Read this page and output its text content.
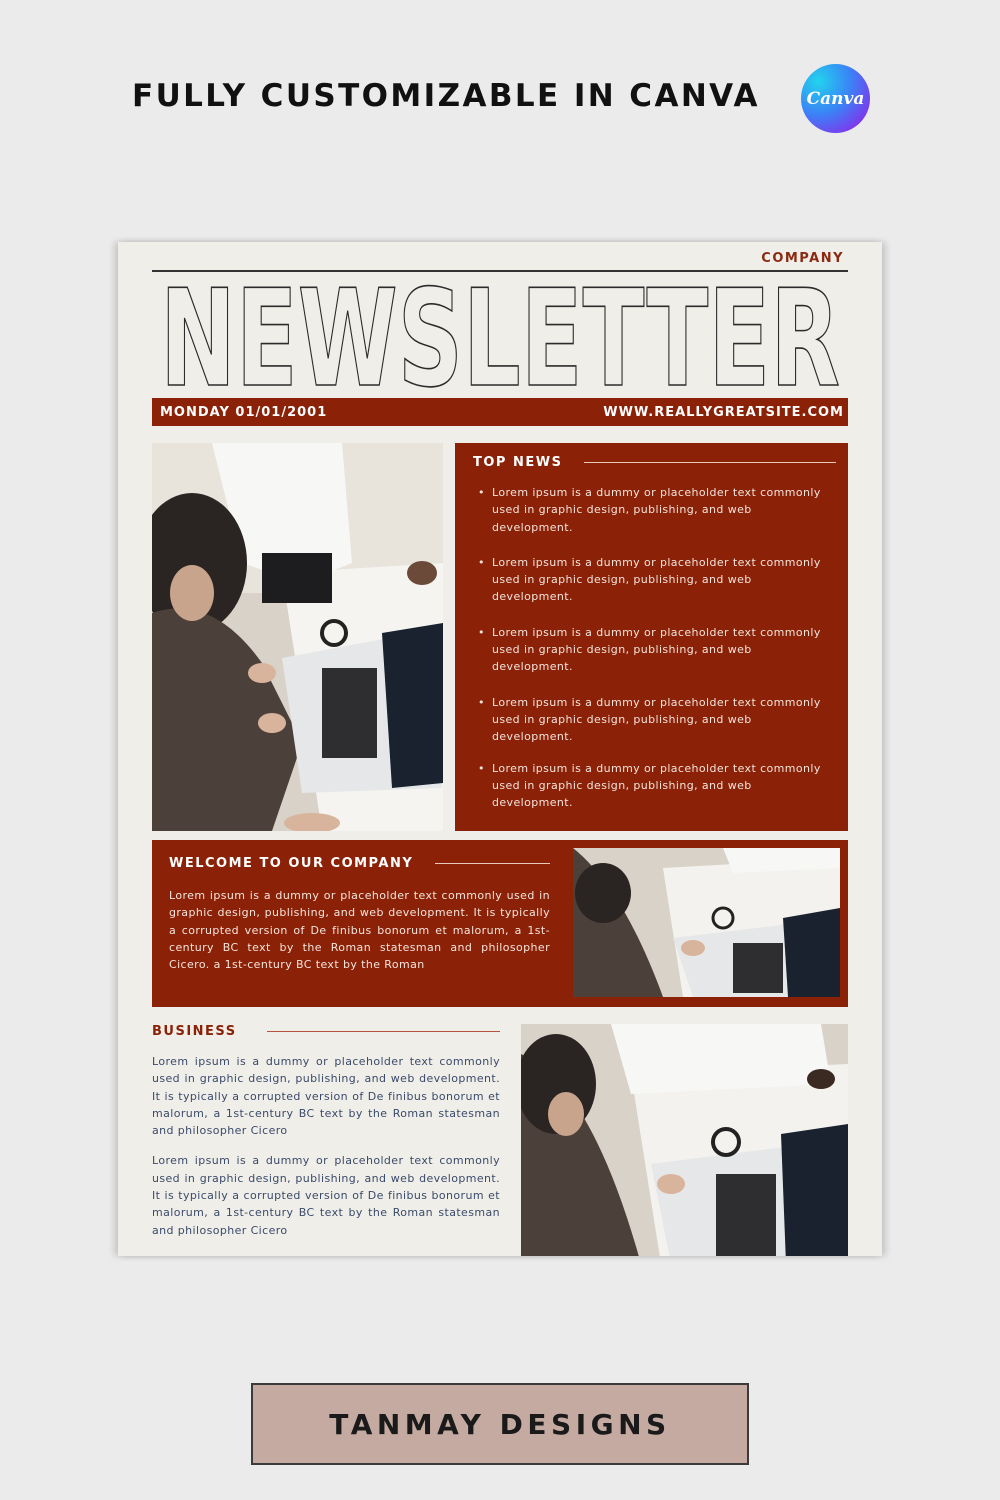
FULLY CUSTOMIZABLE IN CANVA	Canva
COMPANY
NEWSLETTER
MONDAY 01/01/2001	WWW.REALLYGREATSITE.COM
TOP NEWS
• Lorem ipsum is a dummy or placeholder text commonly used in graphic design, publishing, and web development.
• Lorem ipsum is a dummy or placeholder text commonly used in graphic design, publishing, and web development.
• Lorem ipsum is a dummy or placeholder text commonly used in graphic design, publishing, and web development.
• Lorem ipsum is a dummy or placeholder text commonly used in graphic design, publishing, and web development.
• Lorem ipsum is a dummy or placeholder text commonly used in graphic design, publishing, and web development.
WELCOME TO OUR COMPANY

Lorem ipsum is a dummy or placeholder text commonly used in graphic design, publishing, and web development. It is typically a corrupted version of De finibus bonorum et malorum, a 1st-century BC text by the Roman statesman and philosopher Cicero. a 1st-century BC text by the Roman

BUSINESS

Lorem ipsum is a dummy or placeholder text commonly used in graphic design, publishing, and web development. It is typically a corrupted version of De finibus bonorum et malorum, a 1st-century BC text by the Roman statesman and philosopher Cicero

Lorem ipsum is a dummy or placeholder text commonly used in graphic design, publishing, and web development. It is typically a corrupted version of De finibus bonorum et malorum, a 1st-century BC text by the Roman statesman and philosopher Cicero

TANMAY DESIGNS
